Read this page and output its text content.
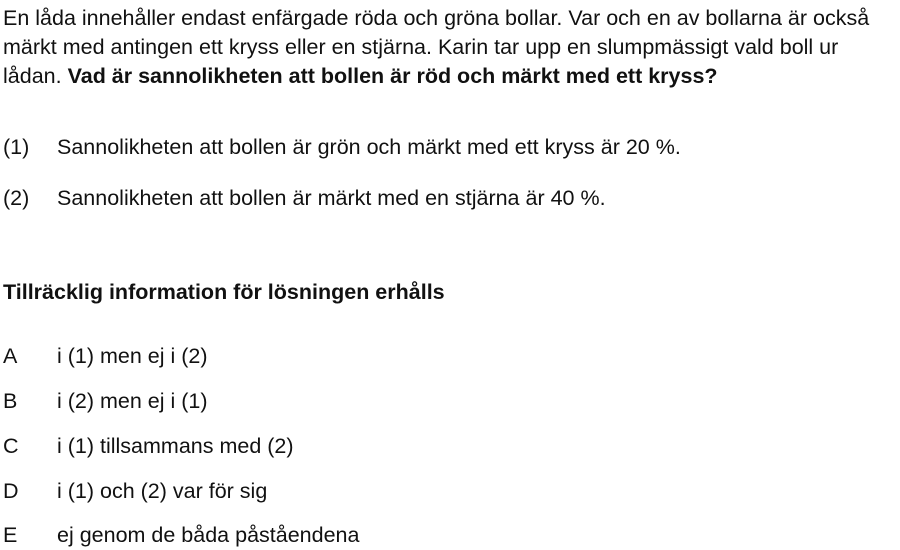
En låda innehåller endast enfärgade röda och gröna bollar. Var och en av bollarna är också märkt med antingen ett kryss eller en stjärna. Karin tar upp en slumpmässigt vald boll ur lådan. Vad är sannolikheten att bollen är röd och märkt med ett kryss?

(1)	Sannolikheten att bollen är grön och märkt med ett kryss är 20 %.

(2)	Sannolikheten att bollen är märkt med en stjärna är 40 %.

Tillräcklig information för lösningen erhålls

A	i (1) men ej i (2)

B	i (2) men ej i (1)

C	i (1) tillsammans med (2)

D	i (1) och (2) var för sig

E	ej genom de båda påståendena
